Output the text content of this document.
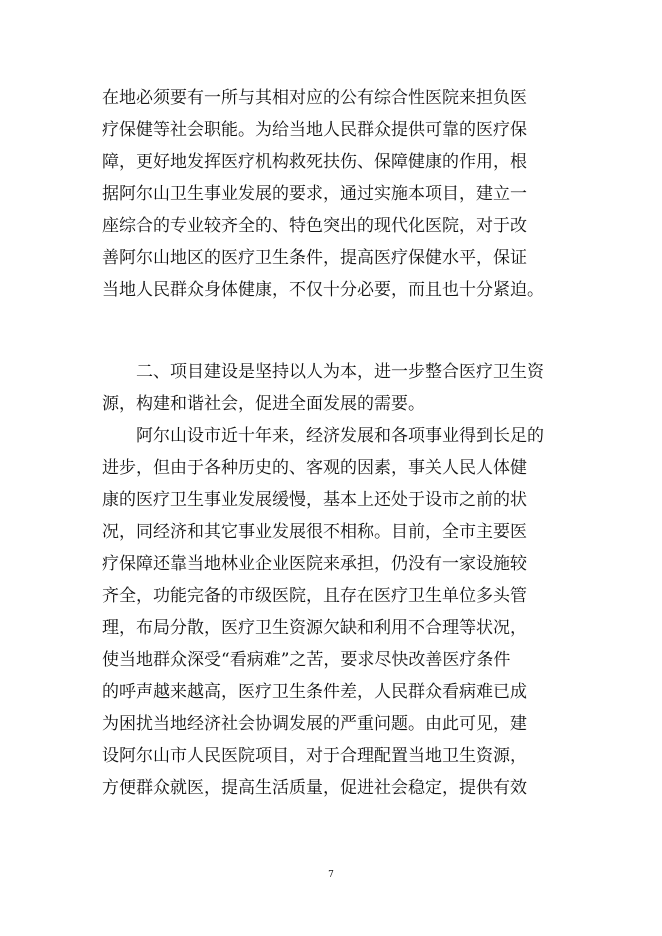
在地必须要有一所与其相对应的公有综合性医院来担负医
疗保健等社会职能。为给当地人民群众提供可靠的医疗保
障，更好地发挥医疗机构救死扶伤、保障健康的作用，根
据阿尔山卫生事业发展的要求，通过实施本项目，建立一
座综合的专业较齐全的、特色突出的现代化医院，对于改
善阿尔山地区的医疗卫生条件，提高医疗保健水平，保证
当地人民群众身体健康，不仅十分必要，而且也十分紧迫。
　　二、项目建设是坚持以人为本，进一步整合医疗卫生资
源，构建和谐社会，促进全面发展的需要。
　　阿尔山设市近十年来，经济发展和各项事业得到长足的
进步，但由于各种历史的、客观的因素，事关人民人体健
康的医疗卫生事业发展缓慢，基本上还处于设市之前的状
况，同经济和其它事业发展很不相称。目前，全市主要医
疗保障还靠当地林业企业医院来承担，仍没有一家设施较
齐全，功能完备的市级医院，且存在医疗卫生单位多头管
理，布局分散，医疗卫生资源欠缺和利用不合理等状况，
使当地群众深受“看病难”之苦，要求尽快改善医疗条件
的呼声越来越高，医疗卫生条件差，人民群众看病难已成
为困扰当地经济社会协调发展的严重问题。由此可见，建
设阿尔山市人民医院项目，对于合理配置当地卫生资源，
方便群众就医，提高生活质量，促进社会稳定，提供有效
7
